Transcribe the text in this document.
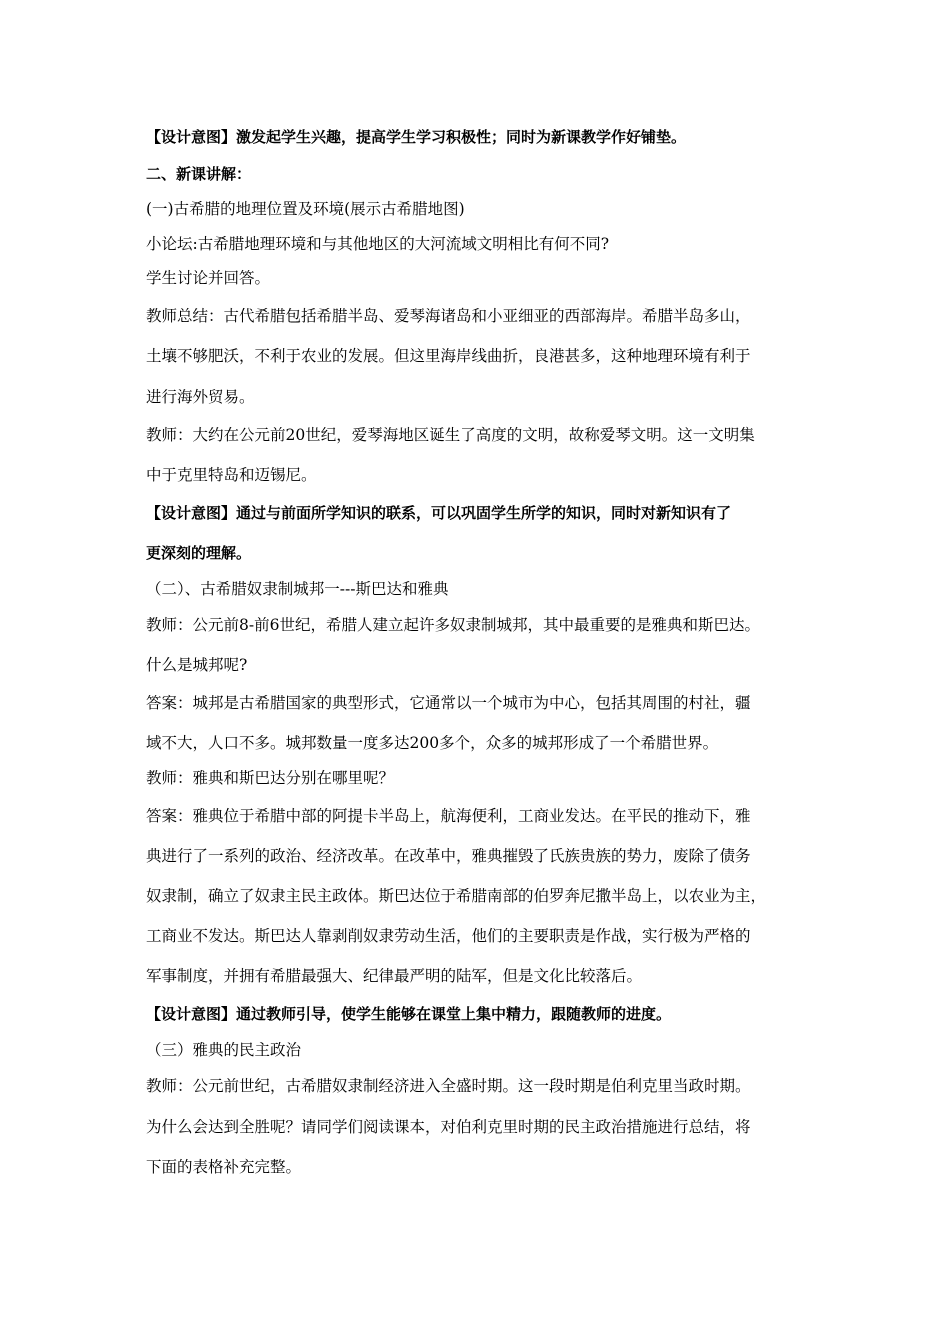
【设计意图】激发起学生兴趣，提高学生学习积极性；同时为新课教学作好铺垫。
二、新课讲解：
(一)古希腊的地理位置及环境(展示古希腊地图)
小论坛:古希腊地理环境和与其他地区的大河流域文明相比有何不同?
学生讨论并回答。
教师总结：古代希腊包括希腊半岛、爱琴海诸岛和小亚细亚的西部海岸。希腊半岛多山，
土壤不够肥沃，不利于农业的发展。但这里海岸线曲折，良港甚多，这种地理环境有利于
进行海外贸易。
教师：大约在公元前20世纪，爱琴海地区诞生了高度的文明，故称爱琴文明。这一文明集
中于克里特岛和迈锡尼。
【设计意图】通过与前面所学知识的联系，可以巩固学生所学的知识，同时对新知识有了
更深刻的理解。
（二）、古希腊奴隶制城邦一---斯巴达和雅典
教师：公元前8-前6世纪，希腊人建立起许多奴隶制城邦，其中最重要的是雅典和斯巴达。
什么是城邦呢?
答案：城邦是古希腊国家的典型形式，它通常以一个城市为中心，包括其周围的村社，疆
域不大，人口不多。城邦数量一度多达200多个，众多的城邦形成了一个希腊世界。
教师：雅典和斯巴达分别在哪里呢？
答案：雅典位于希腊中部的阿提卡半岛上，航海便利，工商业发达。在平民的推动下，雅
典进行了一系列的政治、经济改革。在改革中，雅典摧毁了氏族贵族的势力，废除了债务
奴隶制，确立了奴隶主民主政体。斯巴达位于希腊南部的伯罗奔尼撒半岛上，以农业为主，
工商业不发达。斯巴达人靠剥削奴隶劳动生活，他们的主要职责是作战，实行极为严格的
军事制度，并拥有希腊最强大、纪律最严明的陆军，但是文化比较落后。
【设计意图】通过教师引导，使学生能够在课堂上集中精力，跟随教师的进度。
（三）雅典的民主政治
教师：公元前世纪，古希腊奴隶制经济进入全盛时期。这一段时期是伯利克里当政时期。
为什么会达到全胜呢？请同学们阅读课本，对伯利克里时期的民主政治措施进行总结，将
下面的表格补充完整。
